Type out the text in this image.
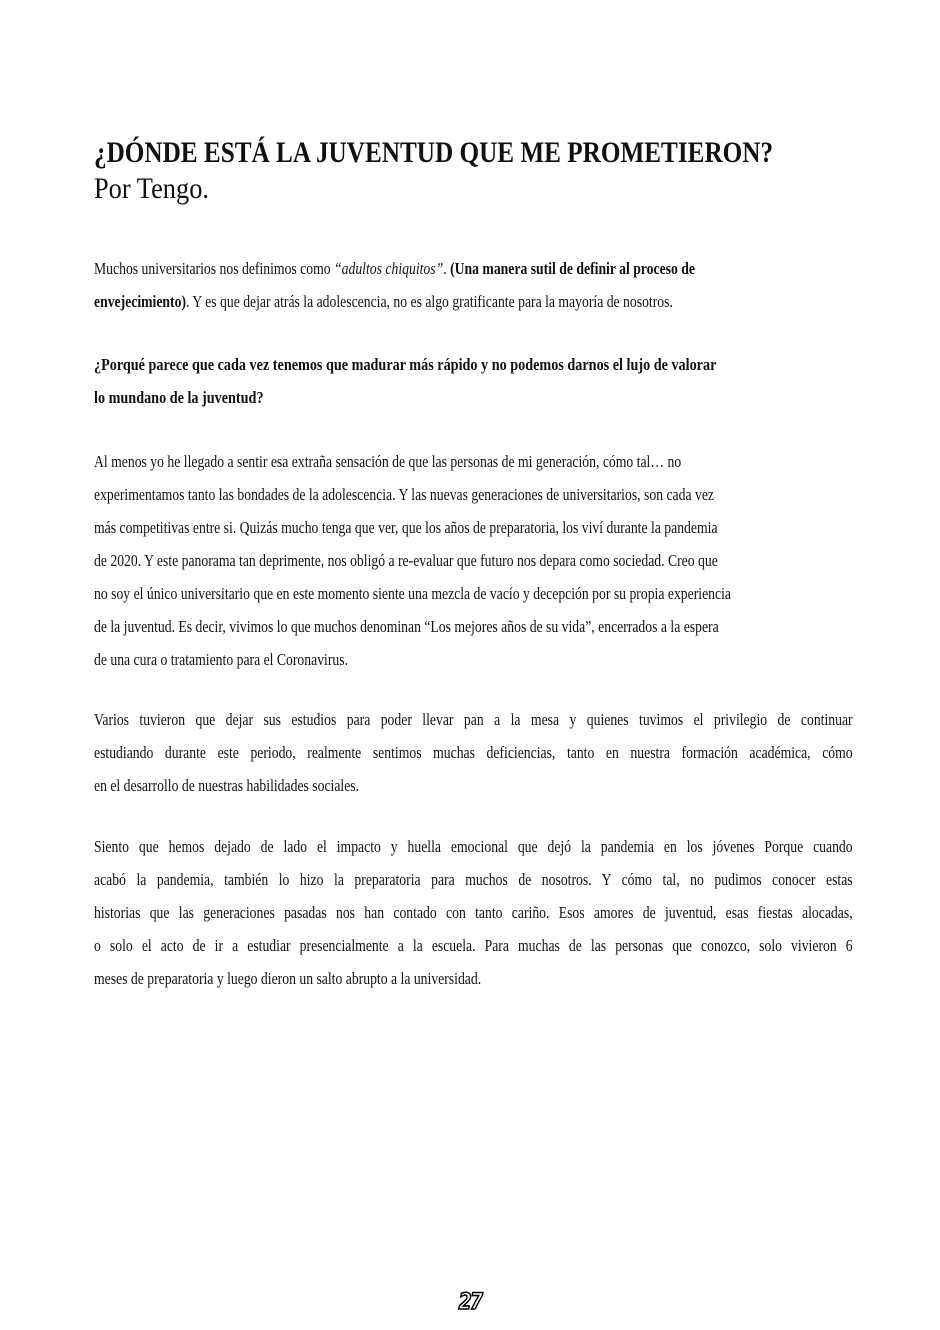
¿DÓNDE ESTÁ LA JUVENTUD QUE ME PROMETIERON?
Por Tengo.

Muchos universitarios nos definimos como “adultos chiquitos”. (Una manera sutil de definir al proceso de
envejecimiento). Y es que dejar atrás la adolescencia, no es algo gratificante para la mayoría de nosotros.

¿Porqué parece que cada vez tenemos que madurar más rápido y no podemos darnos el lujo de valorar
lo mundano de la juventud?

Al menos yo he llegado a sentir esa extraña sensación de que las personas de mi generación, cómo tal… no
experimentamos tanto las bondades de la adolescencia. Y las nuevas generaciones de universitarios, son cada vez
más competitivas entre si. Quizás mucho tenga que ver, que los años de preparatoria, los viví durante la pandemia
de 2020. Y este panorama tan deprimente, nos obligó a re-evaluar que futuro nos depara como sociedad. Creo que
no soy el único universitario que en este momento siente una mezcla de vacío y decepción por su propia experiencia
de la juventud. Es decir, vivimos lo que muchos denominan “Los mejores años de su vida”, encerrados a la espera
de una cura o tratamiento para el Coronavirus.

Varios tuvieron que dejar sus estudios para poder llevar pan a la mesa y quienes tuvimos el privilegio de continuar
estudiando durante este periodo, realmente sentimos muchas deficiencias, tanto en nuestra formación académica, cómo
en el desarrollo de nuestras habilidades sociales.

Siento que hemos dejado de lado el impacto y huella emocional que dejó la pandemia en los jóvenes Porque cuando
acabó la pandemia, también lo hizo la preparatoria para muchos de nosotros. Y cómo tal, no pudimos conocer estas
historias que las generaciones pasadas nos han contado con tanto cariño. Esos amores de juventud, esas fiestas alocadas,
o solo el acto de ir a estudiar presencialmente a la escuela. Para muchas de las personas que conozco, solo vivieron 6
meses de preparatoria y luego dieron un salto abrupto a la universidad.

27
